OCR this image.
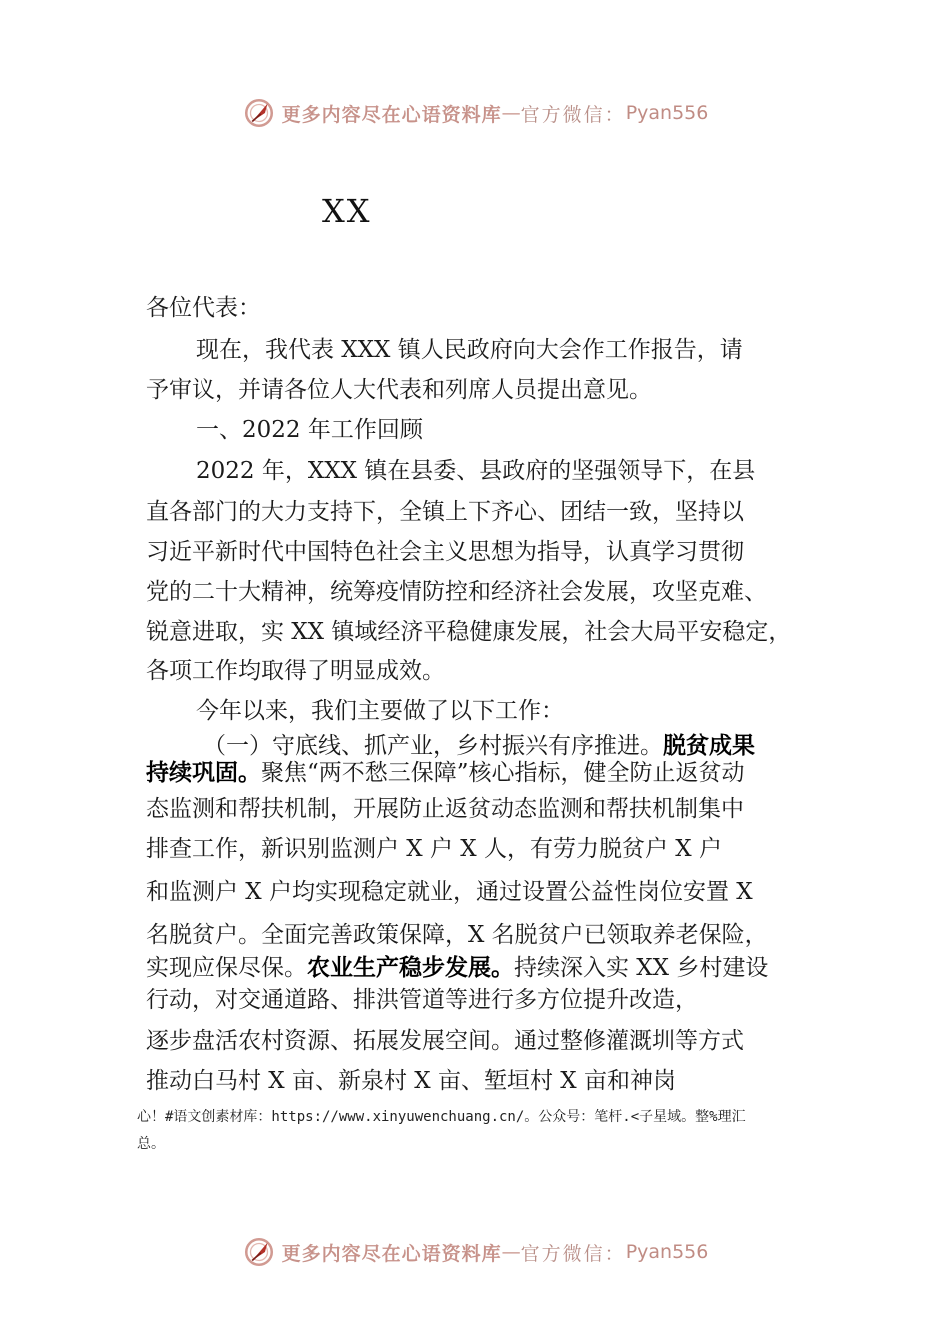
更多内容尽在心语资料库 — 官方微信： Pyan556
XX
各位代表：
现在，我代表 XXX 镇人民政府向大会作工作报告，请
予审议，并请各位人大代表和列席人员提出意见。
一、2022 年工作回顾
2022 年，XXX 镇在县委、县政府的坚强领导下，在县
直各部门的大力支持下，全镇上下齐心、团结一致，坚持以
习近平新时代中国特色社会主义思想为指导，认真学习贯彻
党的二十大精神，统筹疫情防控和经济社会发展，攻坚克难、
锐意进取，实 XX 镇域经济平稳健康发展，社会大局平安稳定，
各项工作均取得了明显成效。
今年以来，我们主要做了以下工作：
（一）守底线、抓产业，乡村振兴有序推进。脱贫成果
持续巩固。聚焦“两不愁三保障”核心指标，健全防止返贫动
态监测和帮扶机制，开展防止返贫动态监测和帮扶机制集中
排查工作，新识别监测户 X 户 X 人，有劳力脱贫户 X 户
和监测户 X 户均实现稳定就业，通过设置公益性岗位安置 X
名脱贫户。全面完善政策保障，X 名脱贫户已领取养老保险，
实现应保尽保。农业生产稳步发展。持续深入实 XX 乡村建设
行动，对交通道路、排洪管道等进行多方位提升改造，
逐步盘活农村资源、拓展发展空间。通过整修灌溉圳等方式
推动白马村 X 亩、新泉村 X 亩、堑垣村 X 亩和神岗
心！#语文创素材库：https://www.xinyuwenchuang.cn/。公众号：笔杆.<子星域。整%理汇
总。
更多内容尽在心语资料库 — 官方微信： Pyan556
